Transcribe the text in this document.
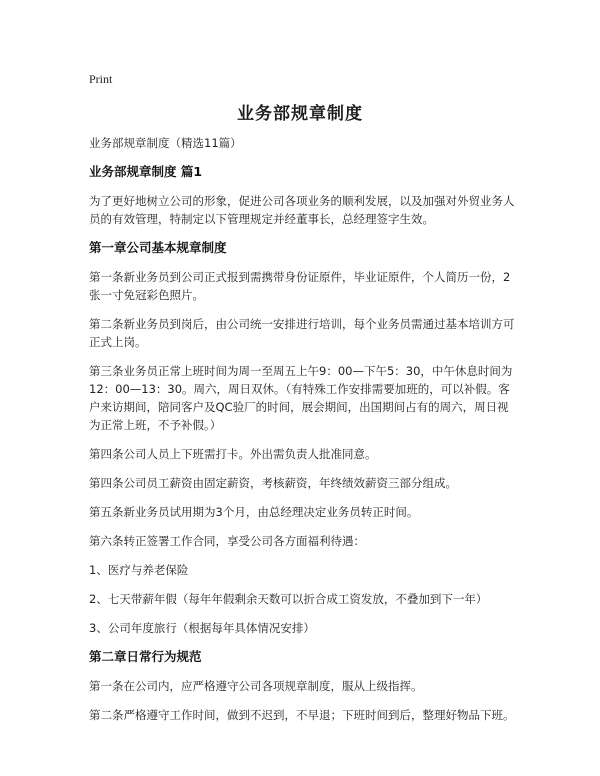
Print
业务部规章制度

业务部规章制度（精选11篇）

业务部规章制度 篇1

为了更好地树立公司的形象，促进公司各项业务的顺利发展，以及加强对外贸业务人员的有效管理，特制定以下管理规定并经董事长，总经理签字生效。

第一章公司基本规章制度

第一条新业务员到公司正式报到需携带身份证原件，毕业证原件，个人简历一份，2张一寸免冠彩色照片。

第二条新业务员到岗后，由公司统一安排进行培训，每个业务员需通过基本培训方可正式上岗。

第三条业务员正常上班时间为周一至周五上午9：00—下午5：30，中午休息时间为12：00—13：30。周六，周日双休。（有特殊工作安排需要加班的，可以补假。客户来访期间，陪同客户及QC验厂的时间，展会期间，出国期间占有的周六，周日视为正常上班，不予补假。）

第四条公司人员上下班需打卡。外出需负责人批准同意。

第四条公司员工薪资由固定薪资，考核薪资，年终绩效薪资三部分组成。

第五条新业务员试用期为3个月，由总经理决定业务员转正时间。

第六条转正签署工作合同，享受公司各方面福利待遇：

1、医疗与养老保险

2、七天带薪年假（每年年假剩余天数可以折合成工资发放，不叠加到下一年）

3、公司年度旅行（根据每年具体情况安排）

第二章日常行为规范

第一条在公司内，应严格遵守公司各项规章制度，服从上级指挥。

第二条严格遵守工作时间，做到不迟到，不早退；下班时间到后，整理好物品下班。
